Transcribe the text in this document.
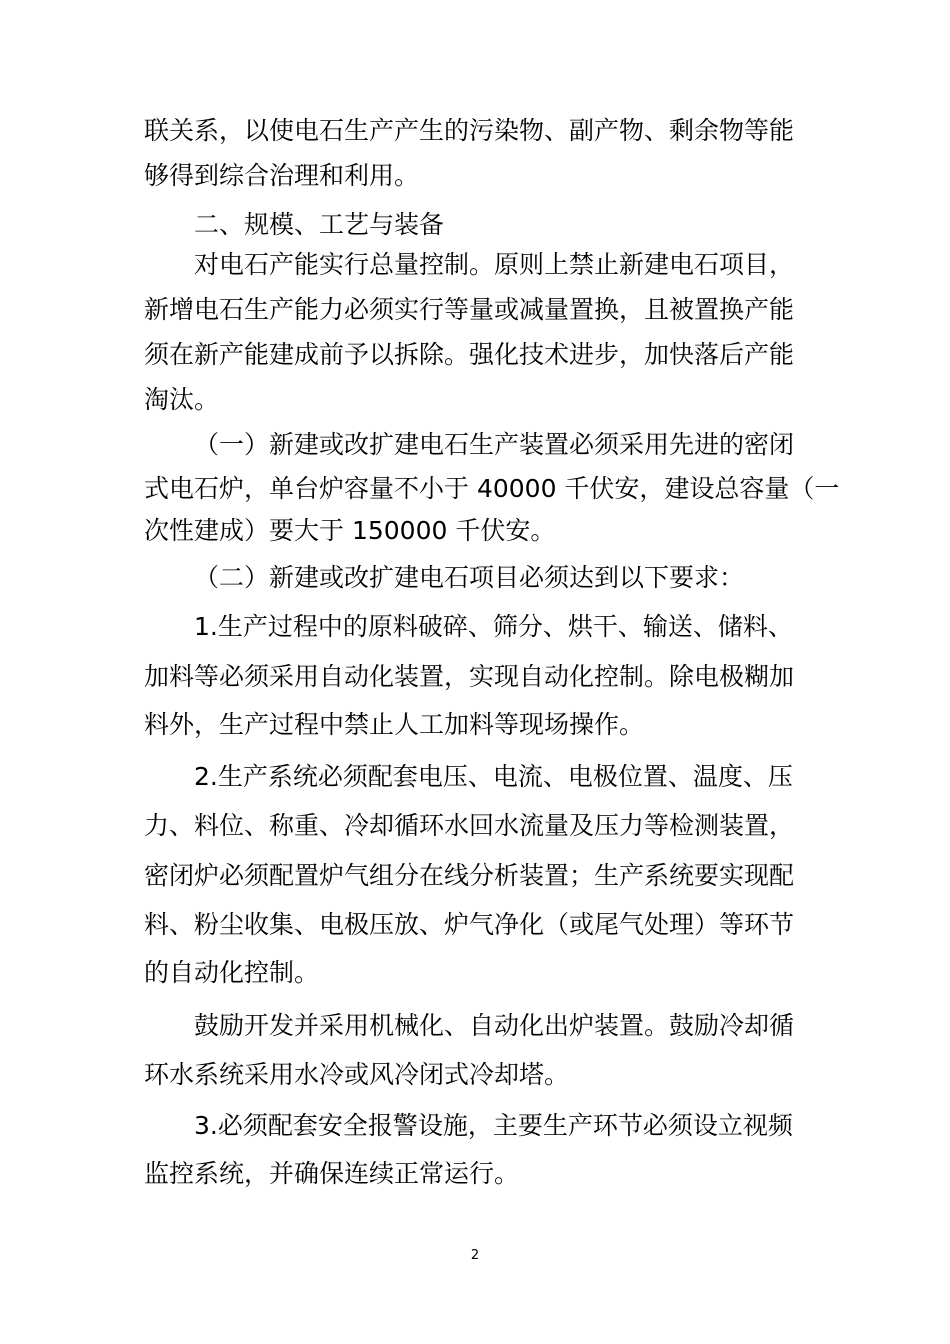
联关系，以使电石生产产生的污染物、副产物、剩余物等能
够得到综合治理和利用。
二、规模、工艺与装备
对电石产能实行总量控制。原则上禁止新建电石项目，
新增电石生产能力必须实行等量或减量置换，且被置换产能
须在新产能建成前予以拆除。强化技术进步，加快落后产能
淘汰。
（一）新建或改扩建电石生产装置必须采用先进的密闭
式电石炉，单台炉容量不小于 40000 千伏安，建设总容量（一
次性建成）要大于 150000 千伏安。
（二）新建或改扩建电石项目必须达到以下要求：
1.生产过程中的原料破碎、筛分、烘干、输送、储料、
加料等必须采用自动化装置，实现自动化控制。除电极糊加
料外，生产过程中禁止人工加料等现场操作。
2.生产系统必须配套电压、电流、电极位置、温度、压
力、料位、称重、冷却循环水回水流量及压力等检测装置，
密闭炉必须配置炉气组分在线分析装置；生产系统要实现配
料、粉尘收集、电极压放、炉气净化（或尾气处理）等环节
的自动化控制。
鼓励开发并采用机械化、自动化出炉装置。鼓励冷却循
环水系统采用水冷或风冷闭式冷却塔。
3.必须配套安全报警设施，主要生产环节必须设立视频
监控系统，并确保连续正常运行。
2
